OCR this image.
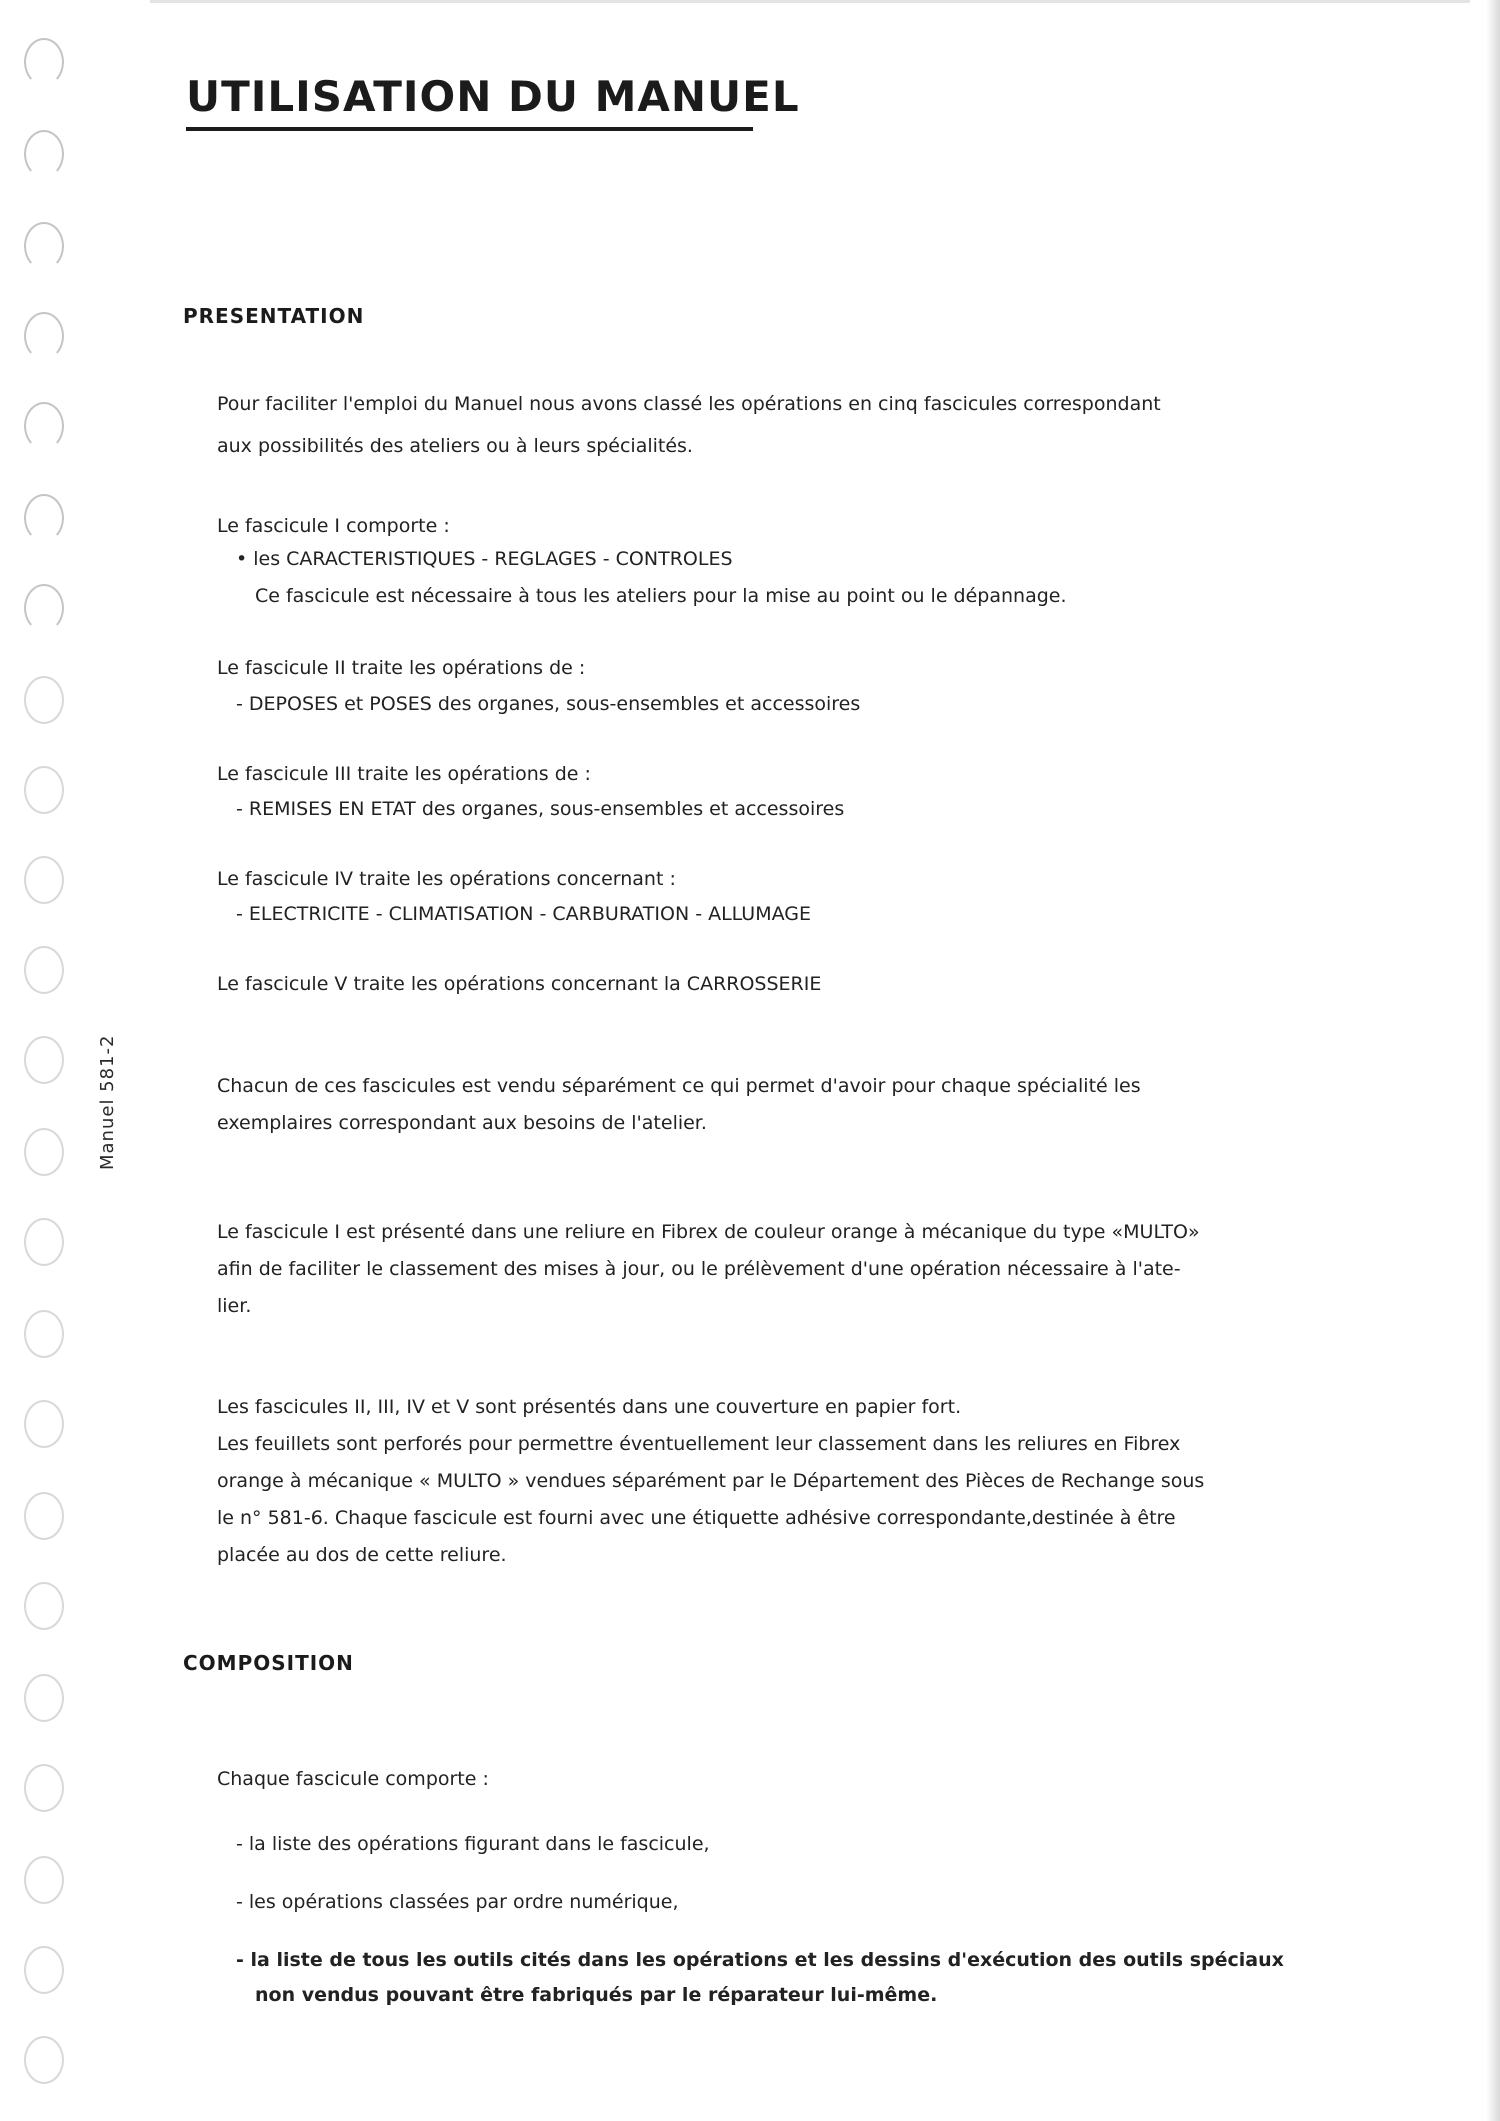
Manuel 581-2
UTILISATION DU MANUEL
PRESENTATION

Pour faciliter l'emploi du Manuel nous avons classé les opérations en cinq fascicules correspondant

aux possibilités des ateliers ou à leurs spécialités.

Le fascicule I comporte :

• les CARACTERISTIQUES - REGLAGES - CONTROLES

Ce fascicule est nécessaire à tous les ateliers pour la mise au point ou le dépannage.

Le fascicule II traite les opérations de :

- DEPOSES et POSES des organes, sous-ensembles et accessoires

Le fascicule III traite les opérations de :

- REMISES EN ETAT des organes, sous-ensembles et accessoires

Le fascicule IV traite les opérations concernant :

- ELECTRICITE - CLIMATISATION - CARBURATION - ALLUMAGE

Le fascicule V traite les opérations concernant la CARROSSERIE

Chacun de ces fascicules est vendu séparément ce qui permet d'avoir pour chaque spécialité les

exemplaires correspondant aux besoins de l'atelier.

Le fascicule I est présenté dans une reliure en Fibrex de couleur orange à mécanique du type «MULTO»

afin de faciliter le classement des mises à jour, ou le prélèvement d'une opération nécessaire à l'ate-

lier.

Les fascicules II, III, IV et V sont présentés dans une couverture en papier fort.

Les feuillets sont perforés pour permettre éventuellement leur classement dans les reliures en Fibrex

orange à mécanique « MULTO » vendues séparément par le Département des Pièces de Rechange sous

le n° 581-6. Chaque fascicule est fourni avec une étiquette adhésive correspondante,destinée à être

placée au dos de cette reliure.

COMPOSITION

Chaque fascicule comporte :

- la liste des opérations figurant dans le fascicule,

- les opérations classées par ordre numérique,

- la liste de tous les outils cités dans les opérations et les dessins d'exécution des outils spéciaux

non vendus pouvant être fabriqués par le réparateur lui-même.
